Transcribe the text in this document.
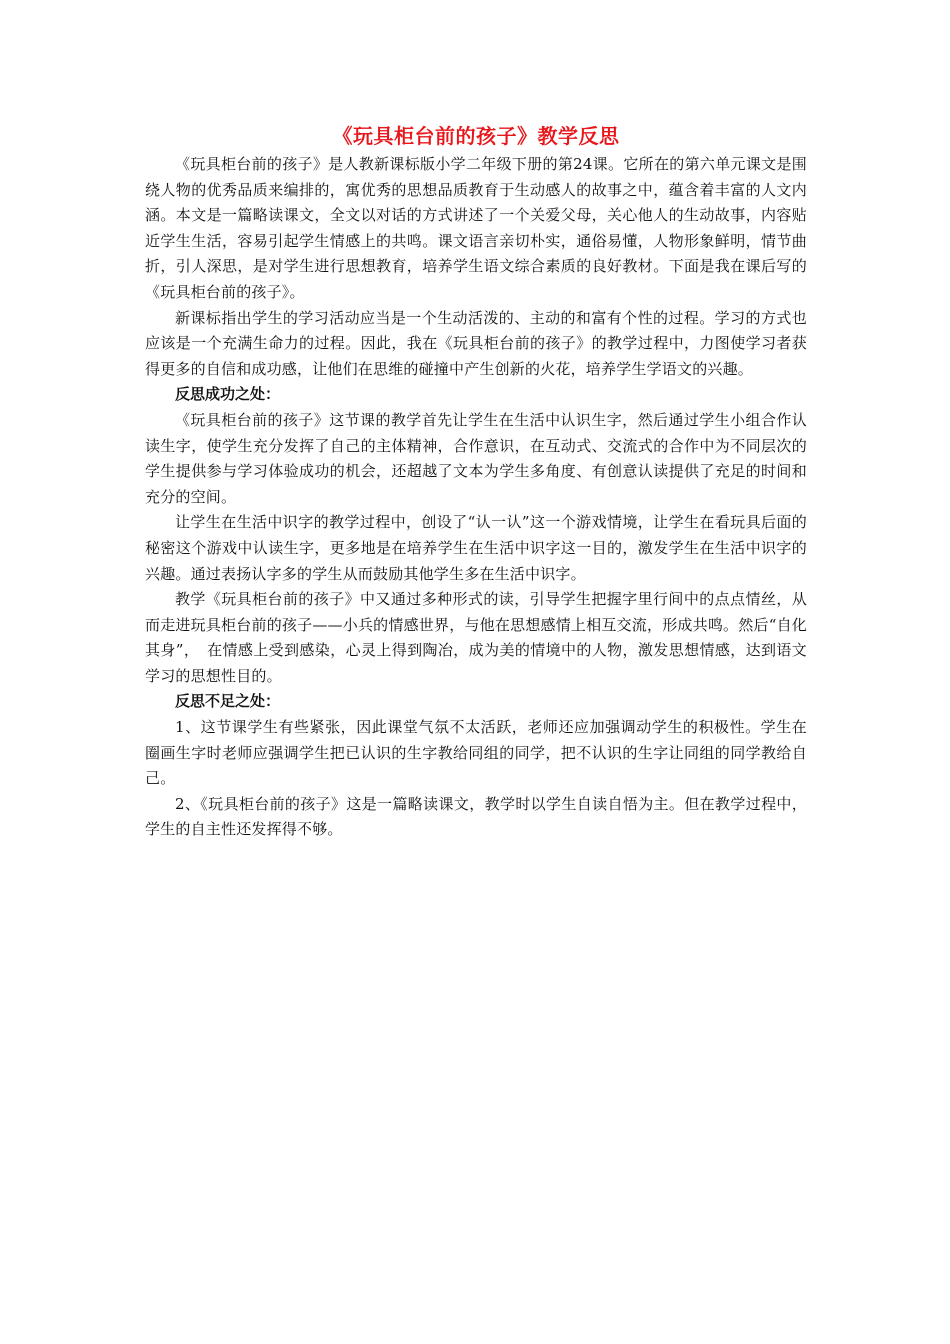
《玩具柜台前的孩子》教学反思

《玩具柜台前的孩子》是人教新课标版小学二年级下册的第24课。它所在的第六单元课文是围绕人物的优秀品质来编排的，寓优秀的思想品质教育于生动感人的故事之中，蕴含着丰富的人文内涵。本文是一篇略读课文，全文以对话的方式讲述了一个关爱父母，关心他人的生动故事，内容贴近学生生活，容易引起学生情感上的共鸣。课文语言亲切朴实，通俗易懂，人物形象鲜明，情节曲折，引人深思，是对学生进行思想教育，培养学生语文综合素质的良好教材。下面是我在课后写的《玩具柜台前的孩子》。

新课标指出学生的学习活动应当是一个生动活泼的、主动的和富有个性的过程。学习的方式也应该是一个充满生命力的过程。因此，我在《玩具柜台前的孩子》的教学过程中，力图使学习者获得更多的自信和成功感，让他们在思维的碰撞中产生创新的火花，培养学生学语文的兴趣。

反思成功之处：

《玩具柜台前的孩子》这节课的教学首先让学生在生活中认识生字，然后通过学生小组合作认读生字，使学生充分发挥了自己的主体精神，合作意识，在互动式、交流式的合作中为不同层次的学生提供参与学习体验成功的机会，还超越了文本为学生多角度、有创意认读提供了充足的时间和充分的空间。

让学生在生活中识字的教学过程中，创设了“认一认”这一个游戏情境，让学生在看玩具后面的秘密这个游戏中认读生字，更多地是在培养学生在生活中识字这一目的，激发学生在生活中识字的兴趣。通过表扬认字多的学生从而鼓励其他学生多在生活中识字。

教学《玩具柜台前的孩子》中又通过多种形式的读，引导学生把握字里行间中的点点情丝，从而走进玩具柜台前的孩子——小兵的情感世界，与他在思想感情上相互交流，形成共鸣。然后“自化其身”，　在情感上受到感染，心灵上得到陶冶，成为美的情境中的人物，激发思想情感，达到语文学习的思想性目的。

反思不足之处：

1、这节课学生有些紧张，因此课堂气氛不太活跃，老师还应加强调动学生的积极性。学生在圈画生字时老师应强调学生把已认识的生字教给同组的同学，把不认识的生字让同组的同学教给自己。

2、《玩具柜台前的孩子》这是一篇略读课文，教学时以学生自读自悟为主。但在教学过程中，学生的自主性还发挥得不够。
